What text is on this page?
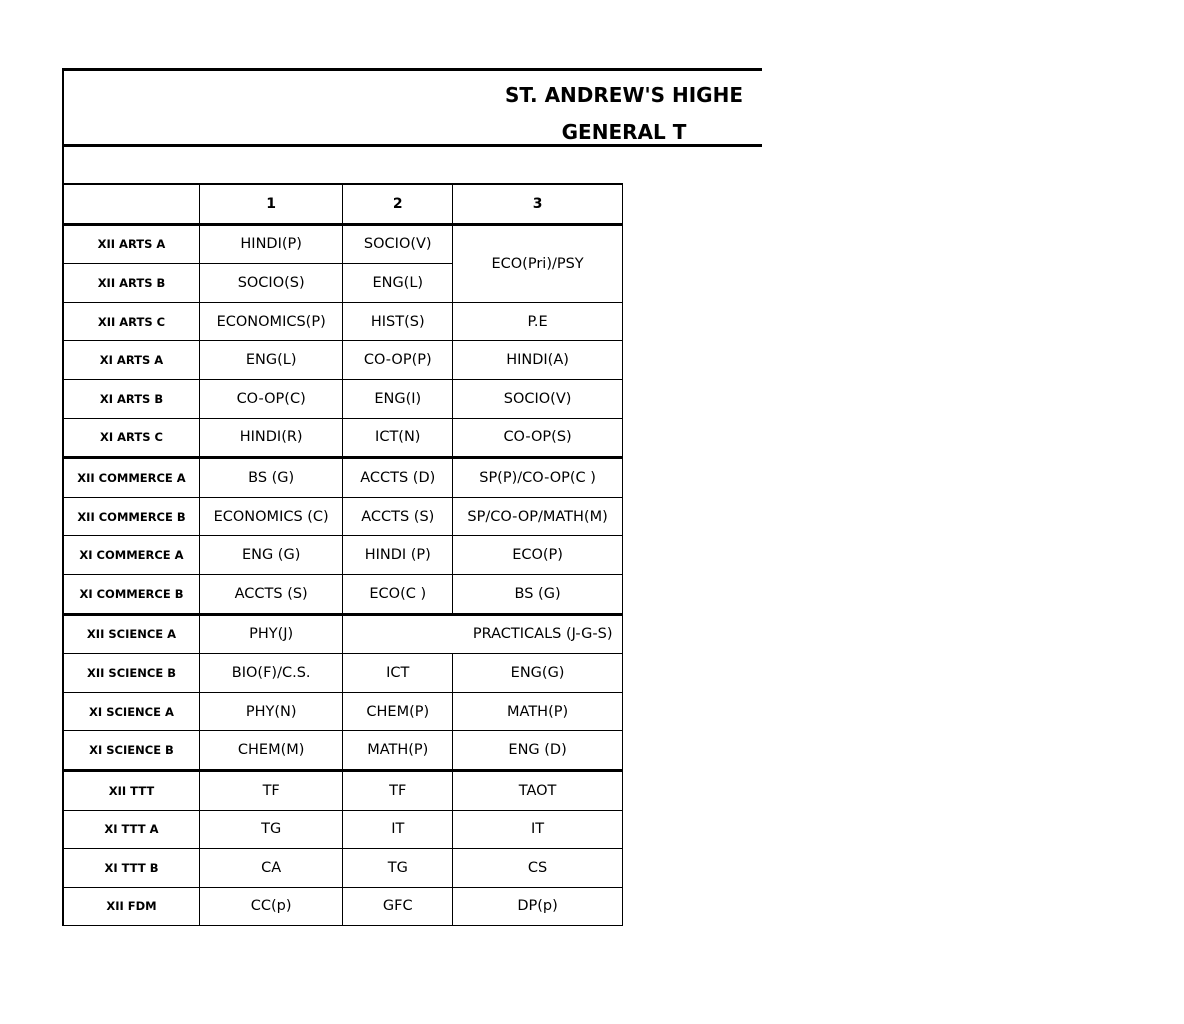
ST. ANDREW'S HIGHE
GENERAL T
	1	2	3
XII ARTS A	HINDI(P)	SOCIO(V)	ECO(Pri)/PSY
XII ARTS B	SOCIO(S)	ENG(L)	
XII ARTS C	ECONOMICS(P)	HIST(S)	P.E
XI ARTS A	ENG(L)	CO-OP(P)	HINDI(A)
XI ARTS B	CO-OP(C)	ENG(I)	SOCIO(V)
XI ARTS C	HINDI(R)	ICT(N)	CO-OP(S)
XII COMMERCE A	BS (G)	ACCTS (D)	SP(P)/CO-OP(C )
XII COMMERCE B	ECONOMICS (C)	ACCTS (S)	SP/CO-OP/MATH(M)
XI COMMERCE A	ENG (G)	HINDI (P)	ECO(P)
XI COMMERCE B	ACCTS (S)	ECO(C )	BS (G)
XII SCIENCE A	PHY(J)	PRACTICALS (J-G-S)	
XII SCIENCE B	BIO(F)/C.S.	ICT	ENG(G)
XI SCIENCE A	PHY(N)	CHEM(P)	MATH(P)
XI SCIENCE B	CHEM(M)	MATH(P)	ENG (D)
XII TTT	TF	TF	TAOT
XI TTT A	TG	IT	IT
XI TTT B	CA	TG	CS
XII FDM	CC(p)	GFC	DP(p)
